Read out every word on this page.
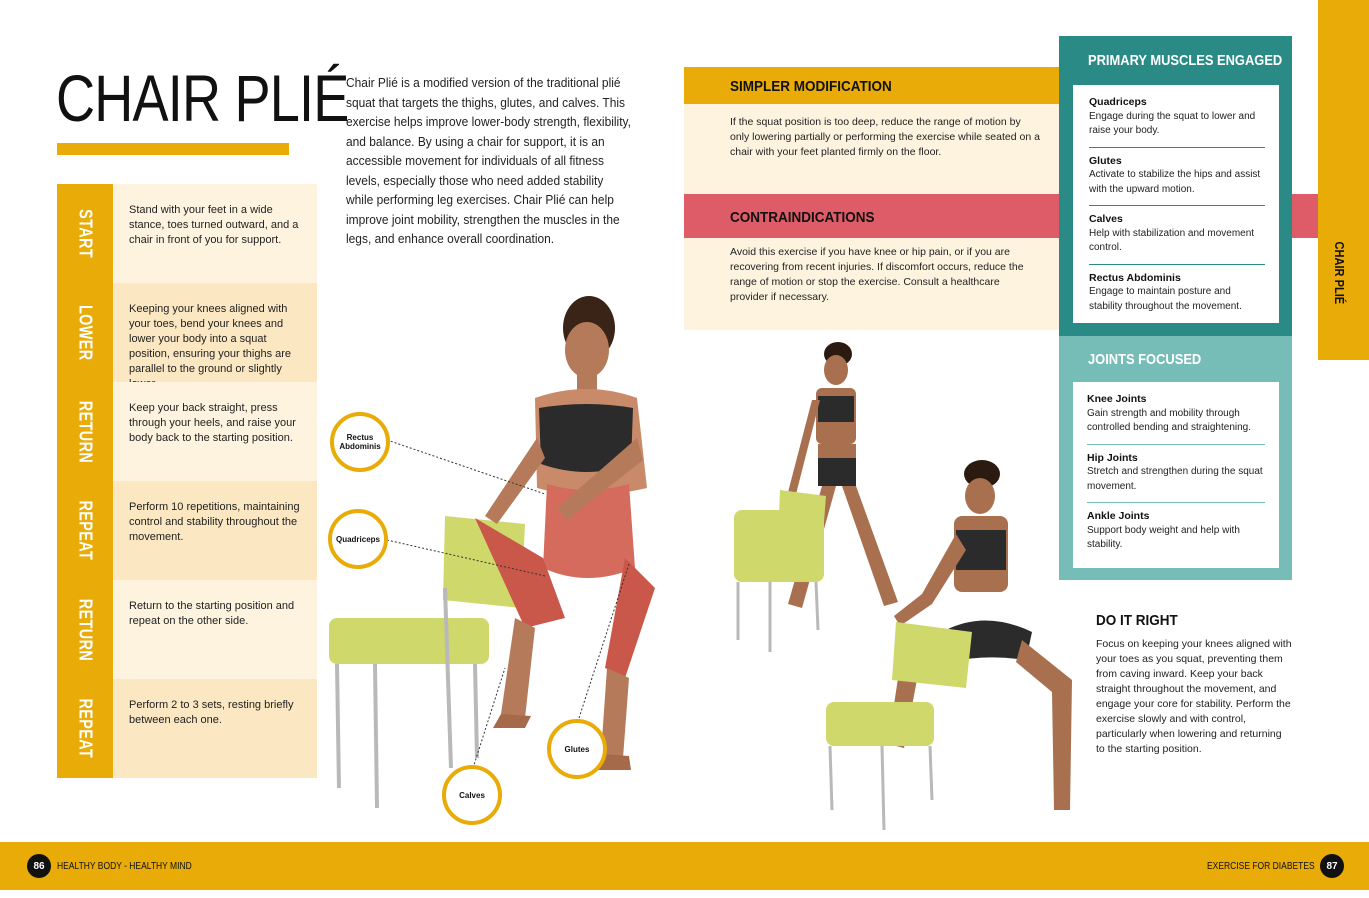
CHAIR PLIÉ
Chair Plié is a modified version of the traditional plié squat that targets the thighs, glutes, and calves. This exercise helps improve lower-body strength, flexibility, and balance. By using a chair for support, it is an accessible movement for individuals of all fitness levels, especially those who need added stability while performing leg exercises. Chair Plié can help improve joint mobility, strengthen the muscles in the legs, and enhance overall coordination.
START	Stand with your feet in a wide stance, toes turned outward, and a chair in front of you for support.
LOWER	Keeping your knees aligned with your toes, bend your knees and lower your body into a squat position, ensuring your thighs are parallel to the ground or slightly
RETURN	Keep your back straight, press through your heels, and raise your body back to the starting position.
REPEAT	Perform 10 repetitions, maintaining control and stability throughout the movement.
RETURN	Return to the starting position and repeat on the other side.
REPEAT	Perform 2 to 3 sets, resting briefly between each one.
Rectus Abdominis
Quadriceps
Glutes
Calves
SIMPLER MODIFICATION
If the squat position is too deep, reduce the range of motion by only lowering partially or performing the exercise while seated on a chair with your feet planted firmly on the floor.
CONTRAINDICATIONS
Avoid this exercise if you have knee or hip pain, or if you are recovering from recent injuries. If discomfort occurs, reduce the range of motion or stop the exercise. Consult a healthcare provider if necessary.	CHAIR PLIÉ
PRIMARY MUSCLES ENGAGED
Quadriceps
Engage during the squat to lower and raise your body.
Glutes
Activate to stabilize the hips and assist with the upward motion.
Calves
Help with stabilization and movement control.
Rectus Abdominis
Engage to maintain posture and stability throughout the movement.
JOINTS FOCUSED
Knee Joints
Gain strength and mobility through controlled bending and straightening.
Hip Joints
Stretch and strengthen during the squat movement.
Ankle Joints
Support body weight and help with stability.
DO IT RIGHT
Focus on keeping your knees aligned with your toes as you squat, preventing them from caving inward. Keep your back straight throughout the movement, and engage your core for stability. Perform the exercise slowly and with control, particularly when lowering and returning to the starting position.
86	HEALTHY BODY - HEALTHY MIND	EXERCISE FOR DIABETES	87
